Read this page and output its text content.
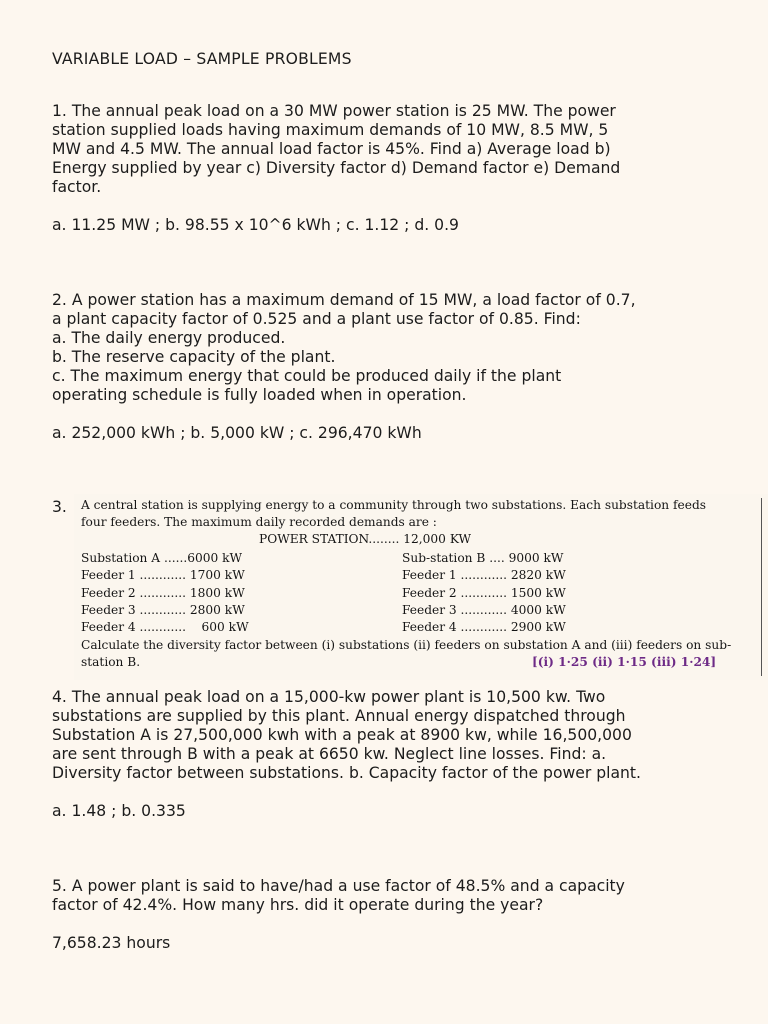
VARIABLE LOAD – SAMPLE PROBLEMS

1. The annual peak load on a 30 MW power station is 25 MW. The power

station supplied loads having maximum demands of 10 MW, 8.5 MW, 5

MW and 4.5 MW. The annual load factor is 45%. Find a) Average load b)

Energy supplied by year c) Diversity factor d) Demand factor e) Demand

factor.

a. 11.25 MW ; b. 98.55 x 10^6 kWh ; c. 1.12 ; d. 0.9

2. A power station has a maximum demand of 15 MW, a load factor of 0.7,

a plant capacity factor of 0.525 and a plant use factor of 0.85. Find:

a. The daily energy produced.

b. The reserve capacity of the plant.

c. The maximum energy that could be produced daily if the plant

operating schedule is fully loaded when in operation.

a. 252,000 kWh ; b. 5,000 kW ; c. 296,470 kWh

3. A central station is supplying energy to a community through two substations. Each substation feeds
four feeders. The maximum daily recorded demands are :
POWER STATION........ 12,000 KW
Substation A ......6000 kW
Feeder 1 ............ 1700 kW
Feeder 2 ............ 1800 kW
Feeder 3 ............ 2800 kW
Feeder 4 ............    600 kW
Sub-station B .... 9000 kW
Feeder 1 ............ 2820 kW
Feeder 2 ............ 1500 kW
Feeder 3 ............ 4000 kW
Feeder 4 ............ 2900 kW
Calculate the diversity factor between (i) substations (ii) feeders on substation A and (iii) feeders on sub-
station B.	[(i) 1·25 (ii) 1·15 (iii) 1·24]

4. The annual peak load on a 15,000-kw power plant is 10,500 kw. Two

substations are supplied by this plant. Annual energy dispatched through

Substation A is 27,500,000 kwh with a peak at 8900 kw, while 16,500,000

are sent through B with a peak at 6650 kw. Neglect line losses. Find: a.

Diversity factor between substations. b. Capacity factor of the power plant.

a. 1.48 ; b. 0.335

5. A power plant is said to have/had a use factor of 48.5% and a capacity

factor of 42.4%. How many hrs. did it operate during the year?

7,658.23 hours
